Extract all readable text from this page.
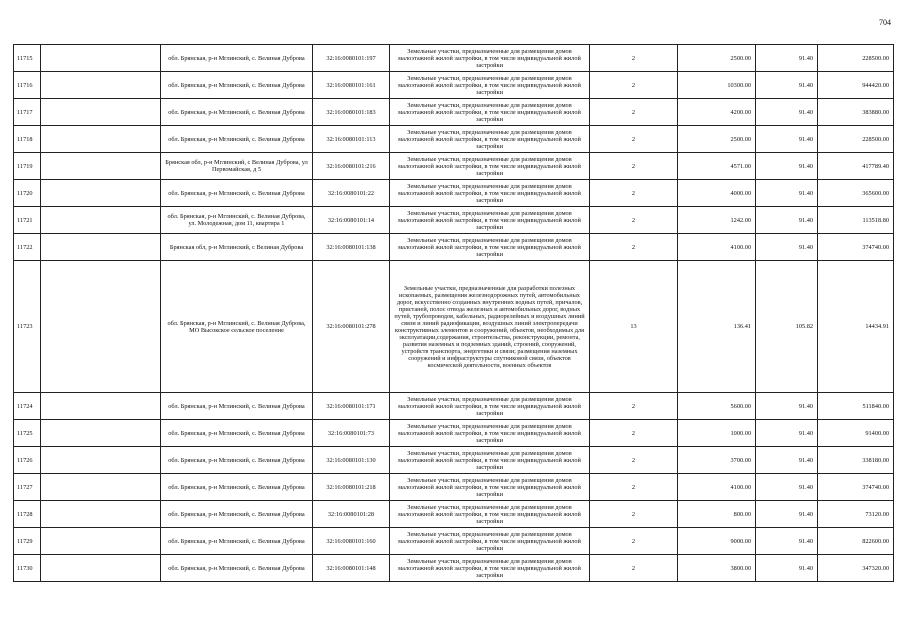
704
11715		обл. Брянская, р-н Мглинский, с. Велиная Дуброва	32:16:0080101:197	Земельные участки, предназначенные для размещения домов малоэтажной жилой застройки, в том числе индивидуальной жилой застройки	2	2500.00	91.40	228500.00
11716		обл. Брянская, р-н Мглинский, с. Велиная Дуброва	32:16:0080101:161	Земельные участки, предназначенные для размещения домов малоэтажной жилой застройки, в том числе индивидуальной жилой застройки	2	10300.00	91.40	944420.00
11717		обл. Брянская, р-н Мглинский, с. Велиная Дуброва	32:16:0080101:183	Земельные участки, предназначенные для размещения домов малоэтажной жилой застройки, в том числе индивидуальной жилой застройки	2	4200.00	91.40	383880.00
11718		обл. Брянская, р-н Мглинский, с. Велиная Дуброва	32:16:0080101:113	Земельные участки, предназначенные для размещения домов малоэтажной жилой застройки, в том числе индивидуальной жилой застройки	2	2500.00	91.40	228500.00
11719		Брянская обл, р-н Мглинский, с Велиная Дуброва, ул Первомайская, д 5	32:16:0080101:216	Земельные участки, предназначенные для размещения домов малоэтажной жилой застройки, в том числе индивидуальной жилой застройки	2	4571.00	91.40	417789.40
11720		обл. Брянская, р-н Мглинский, с. Велиная Дуброва	32:16:0080101:22	Земельные участки, предназначенные для размещения домов малоэтажной жилой застройки, в том числе индивидуальной жилой застройки	2	4000.00	91.40	365600.00
11721		обл. Брянская, р-н Мглинский, с. Велиная Дуброва, ул. Молодежная, дом 11, квартира 1	32:16:0080101:14	Земельные участки, предназначенные для размещения домов малоэтажной жилой застройки, в том числе индивидуальной жилой застройки	2	1242.00	91.40	113518.80
11722		Брянская обл, р-н Мглинский, с Велиная Дуброва	32:16:0080101:138	Земельные участки, предназначенные для размещения домов малоэтажной жилой застройки, в том числе индивидуальной жилой застройки	2	4100.00	91.40	374740.00
11723		обл. Брянская, р-н Мглинский, с. Велиная Дуброва, МО Высокское сельское поселение	32:16:0080101:278	Земельные участки, предназначенные для разработки полезных ископаемых, размещения железнодорожных путей, автомобильных дорог, искусственно созданных внутренних водных путей, причалов, пристаней, полос отвода железных и автомобильных дорог, водных путей, трубопроводов, кабельных, радиорелейных и воздушных линий связи и линий радиофикации, воздушных линий электропередачи конструктивных элементов и сооружений, объектов, необходимых для эксплуатации,содержания, строительства, реконструкции, ремонта, развития наземных и подземных зданий, строений, сооружений, устройств транспорта, энергетики и связи; размещения наземных сооружений и инфраструктуры спутниковой связи, объектов космической деятельности, военных объектов	13	136.41	105.82	14434.91
11724		обл. Брянская, р-н Мглинский, с. Велиная Дуброва	32:16:0080101:171	Земельные участки, предназначенные для размещения домов малоэтажной жилой застройки, в том числе индивидуальной жилой застройки	2	5600.00	91.40	511840.00
11725		обл. Брянская, р-н Мглинский, с. Велиная Дуброва	32:16:0080101:73	Земельные участки, предназначенные для размещения домов малоэтажной жилой застройки, в том числе индивидуальной жилой застройки	2	1000.00	91.40	91400.00
11726		обл. Брянская, р-н Мглинский, с. Велиная Дуброва	32:16:0080101:130	Земельные участки, предназначенные для размещения домов малоэтажной жилой застройки, в том числе индивидуальной жилой застройки	2	3700.00	91.40	338180.00
11727		обл. Брянская, р-н Мглинский, с. Велиная Дуброва	32:16:0080101:218	Земельные участки, предназначенные для размещения домов малоэтажной жилой застройки, в том числе индивидуальной жилой застройки	2	4100.00	91.40	374740.00
11728		обл. Брянская, р-н Мглинский, с. Велиная Дуброва	32:16:0080101:28	Земельные участки, предназначенные для размещения домов малоэтажной жилой застройки, в том числе индивидуальной жилой застройки	2	800.00	91.40	73120.00
11729		обл. Брянская, р-н Мглинский, с. Велиная Дуброва	32:16:0080101:160	Земельные участки, предназначенные для размещения домов малоэтажной жилой застройки, в том числе индивидуальной жилой застройки	2	9000.00	91.40	822600.00
11730		обл. Брянская, р-н Мглинский, с. Велиная Дуброва	32:16:0080101:148	Земельные участки, предназначенные для размещения домов малоэтажной жилой застройки, в том числе индивидуальной жилой застройки	2	3800.00	91.40	347320.00
